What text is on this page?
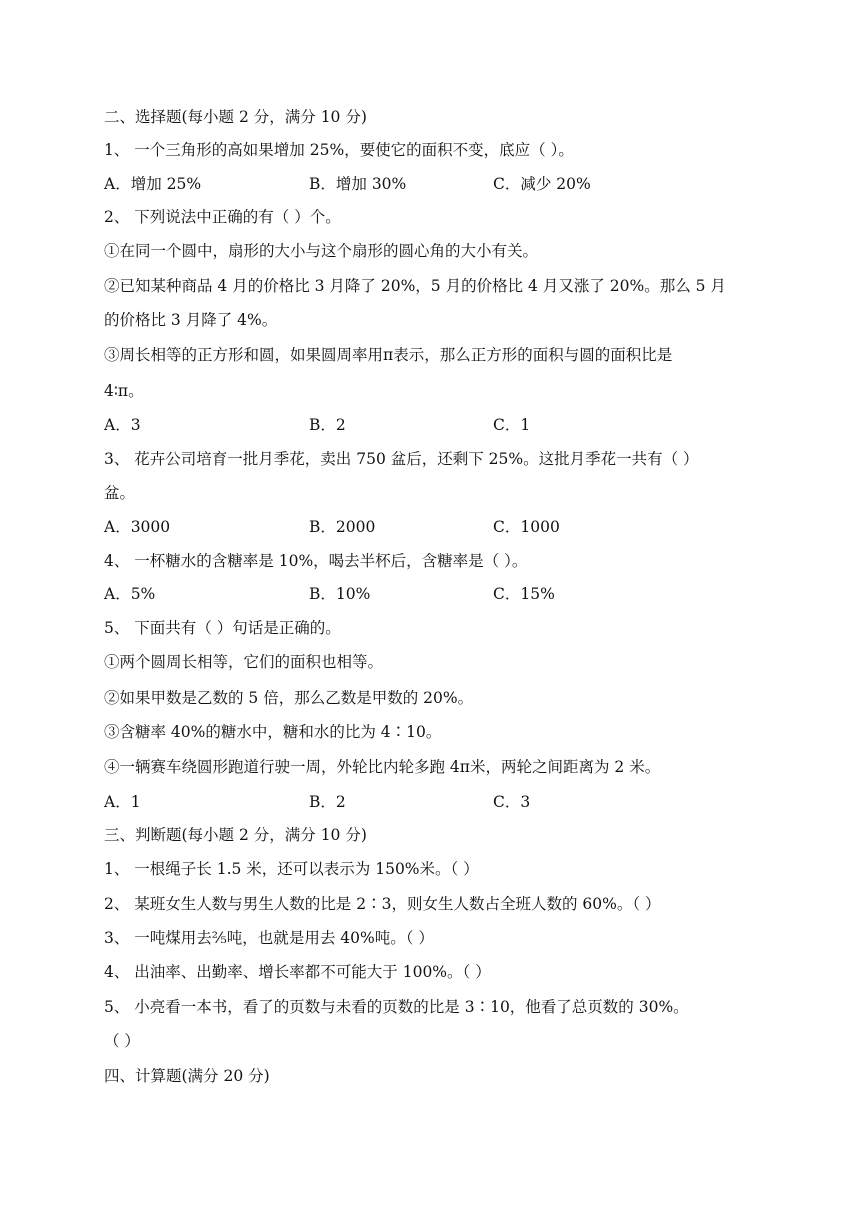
二、选择题(每小题 2 分，满分 10 分)
1、 一个三角形的高如果增加 25%，要使它的面积不变，底应（ ）。
A．增加 25%	B．增加 30%	C．减少 20%
2、 下列说法中正确的有（ ）个。
①在同一个圆中，扇形的大小与这个扇形的圆心角的大小有关。
②已知某种商品 4 月的价格比 3 月降了 20%，5 月的价格比 4 月又涨了 20%。那么 5 月
的价格比 3 月降了 4%。
③周长相等的正方形和圆，如果圆周率用π表示，那么正方形的面积与圆的面积比是
4∶π。
A．3	B．2	C．1
3、 花卉公司培育一批月季花，卖出 750 盆后，还剩下 25%。这批月季花一共有（ ）
盆。
A．3000	B．2000	C．1000
4、 一杯糖水的含糖率是 10%，喝去半杯后，含糖率是（ ）。
A．5%	B．10%	C．15%
5、 下面共有（ ）句话是正确的。
①两个圆周长相等，它们的面积也相等。
②如果甲数是乙数的 5 倍，那么乙数是甲数的 20%。
③含糖率 40%的糖水中，糖和水的比为 4∶10。
④一辆赛车绕圆形跑道行驶一周，外轮比内轮多跑 4π米，两轮之间距离为 2 米。
A．1	B．2	C．3
三、判断题(每小题 2 分，满分 10 分)
1、 一根绳子长 1.5 米，还可以表示为 150%米。（ ）
2、 某班女生人数与男生人数的比是 2∶3，则女生人数占全班人数的 60%。（ ）
3、 一吨煤用去⅖吨，也就是用去 40%吨。（ ）
4、 出油率、出勤率、增长率都不可能大于 100%。（ ）
5、 小亮看一本书，看了的页数与未看的页数的比是 3∶10，他看了总页数的 30%。
（ ）
四、计算题(满分 20 分)
